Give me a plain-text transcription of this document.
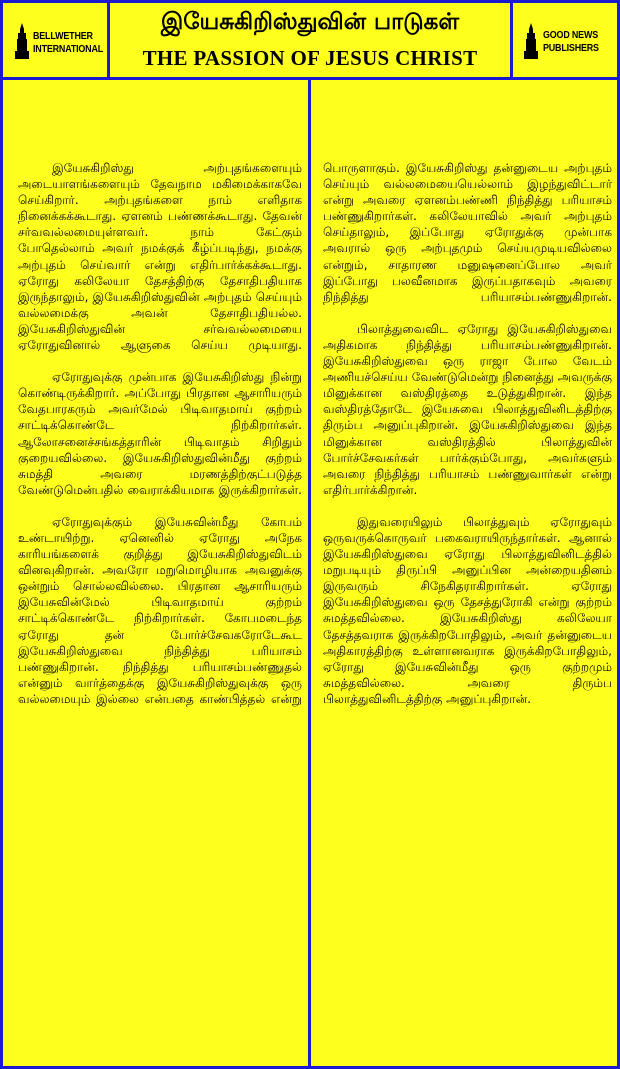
BELLWETHER
INTERNATIONAL
இயேசுகிறிஸ்துவின் பாடுகள்
THE PASSION OF JESUS CHRIST
GOOD NEWS
PUBLISHERS

இயேசுகிறிஸ்து அற்புதங்களையும் அடையாளங்களையும் தேவநாம மகிமைக்காகவே செய்கிறார். அற்புதங்களை நாம் எளிதாக நினைக்கக்கூடாது. ஏளனம் பண்ணக்கூடாது. தேவன் சர்வவல்லமையுள்ளவர். நாம் கேட்கும் போதெல்லாம் அவர் நமக்குக் கீழ்ப்படிந்து, நமக்கு அற்புதம் செய்வார் என்று எதிர்பார்க்கக்கூடாது. ஏரோது கலிலேயா தேசத்திற்கு தேசாதிபதியாக இருந்தாலும், இயேசுகிறிஸ்துவின் அற்புதம் செய்யும் வல்லமைக்கு அவன் தேசாதிபதியல்ல. இயேசுகிறிஸ்துவின் சர்வவல்லமையை ஏரோதுவினால் ஆளுகை செய்ய முடியாது.

ஏரோதுவுக்கு முன்பாக இயேசுகிறிஸ்து நின்று கொண்டிருக்கிறார். அப்போது பிரதான ஆசாரியரும் வேதபாரகரும் அவர்மேல் பிடிவாதமாய் குற்றம் சாட்டிக்கொண்டே நிற்கிறார்கள். ஆலோசனைச்சங்கத்தாரின் பிடிவாதம் சிறிதும் குறையவில்லை. இயேசுகிறிஸ்துவின்மீது குற்றம் சுமத்தி அவரை மரணத்திற்குட்படுத்த வேண்டுமென்பதில் வைராக்கியமாக இருக்கிறார்கள்.

ஏரோதுவுக்கும் இயேசுவின்மீது கோபம் உண்டாயிற்று. ஏனெனில் ஏரோது அநேக காரியங்களைக் குறித்து இயேசுகிறிஸ்துவிடம் வினவுகிறான். அவரோ மறுமொழியாக அவனுக்கு ஒன்றும் சொல்லவில்லை. பிரதான ஆசாரியரும் இயேசுவின்மேல் பிடிவாதமாய் குற்றம் சாட்டிக்கொண்டே நிற்கிறார்கள். கோபமடைந்த ஏரோது தன் போர்ச்சேவகரோடேகூட இயேசுகிறிஸ்துவை நிந்தித்து பரியாசம் பண்ணுகிறான். நிந்தித்து பரியாசம்பண்ணுதல் என்னும் வார்த்தைக்கு இயேசுகிறிஸ்துவுக்கு ஒரு வல்லமையும் இல்லை என்பதை காண்பித்தல் என்று

பொருளாகும். இயேசுகிறிஸ்து தன்னுடைய அற்புதம் செய்யும் வல்லமையையெல்லாம் இழந்துவிட்டார் என்று அவரை ஏளனம்பண்ணி நிந்தித்து பரியாசம் பண்ணுகிறார்கள். கலிலேயாவில் அவர் அற்புதம் செய்தாலும், இப்போது ஏரோதுக்கு முன்பாக அவரால் ஒரு அற்புதமும் செய்யமுடியவில்லை என்றும், சாதாரண மனுஷனைப்போல அவர் இப்போது பலவீனமாக இருப்பதாகவும் அவரை நிந்தித்து பரியாசம்பண்ணுகிறான்.

பிலாத்துவைவிட ஏரோது இயேசுகிறிஸ்துவை அதிகமாக நிந்தித்து பரியாசம்பண்ணுகிறான். இயேசுகிறிஸ்துவை ஒரு ராஜா போல வேடம் அணியச்செய்ய வேண்டுமென்று நினைத்து அவருக்கு மினுக்கான வஸ்திரத்தை உடுத்துகிறான். இந்த வஸ்திரத்தோடே இயேசுவை பிலாத்துவினிடத்திற்கு திரும்ப அனுப்புகிறான். இயேசுகிறிஸ்துவை இந்த மினுக்கான வஸ்திரத்தில் பிலாத்துவின் போர்ச்சேவகர்கள் பார்க்கும்போது, அவர்களும் அவரை நிந்தித்து பரியாசம் பண்ணுவார்கள் என்று எதிர்பார்க்கிறான்.

இதுவரையிலும் பிலாத்துவும் ஏரோதுவும் ஒருவருக்கொருவர் பகைவராயிருந்தார்கள். ஆனால் இயேசுகிறிஸ்துவை ஏரோது பிலாத்துவினிடத்தில் மறுபடியும் திருப்பி அனுப்பின அன்றையதினம் இருவரும் சிநேகிதராகிறார்கள். ஏரோது இயேசுகிறிஸ்துவை ஒரு தேசத்துரோகி என்று குற்றம் சுமத்தவில்லை. இயேசுகிறிஸ்து கலிலேயா தேசத்தவராக இருக்கிறபோதிலும், அவர் தன்னுடைய அதிகாரத்திற்கு உள்ளானவராக இருக்கிறபோதிலும், ஏரோது இயேசுவின்மீது ஒரு குற்றமும் சுமத்தவில்லை. அவரை திரும்ப பிலாத்துவினிடத்திற்கு அனுப்புகிறான்.
